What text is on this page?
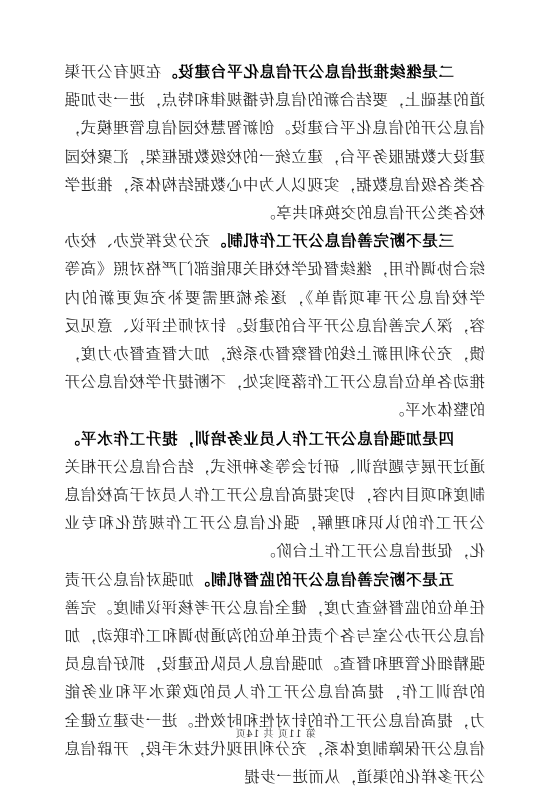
二是继续推进信息公开信息化平台建设。在现有公开渠道的基础上，要结合新的信息传播规律和特点，进一步加强信息公开的信息化平台建设。创新智慧校园信息管理模式，建设大数据服务平台，建立统一的校级数据框架，汇聚校园各类各级信息数据，实现以人为中心数据结构体系，推进学校各类公开信息的交换和共享。

三是不断完善信息公开工作机制。充分发挥党办、校办综合协调作用，继续督促学校相关职能部门严格对照《高等学校信息公开事项清单》，逐条梳理需要补充或更新的内容，深入完善信息公开平台的建设。针对师生评议、意见反馈，充分利用新上线的督察督办系统，加大督查督办力度，推动各单位信息公开工作落到实处，不断提升学校信息公开的整体水平。

四是加强信息公开工作人员业务培训，提升工作水平。通过开展专题培训、研讨会等多种形式，结合信息公开相关制度和项目内容，切实提高信息公开工作人员对于高校信息公开工作的认识和理解，强化信息公开工作规范化和专业化，促进信息公开工作上台阶。

五是不断完善信息公开的监督机制。加强对信息公开责任单位的监督检查力度，健全信息公开考核评议制度。完善信息公开办公室与各个责任单位的沟通协调和工作联动，加强精细化管理和督查。加强信息人员队伍建设，抓好信息员的培训工作，提高信息公开工作人员的政策水平和业务能力，提高信息公开工作的针对性和时效性。进一步建立健全信息公开保障制度体系，充分利用现代技术手段，开辟信息公开多样化的渠道，从而进一步提

第 11页 共 14页
